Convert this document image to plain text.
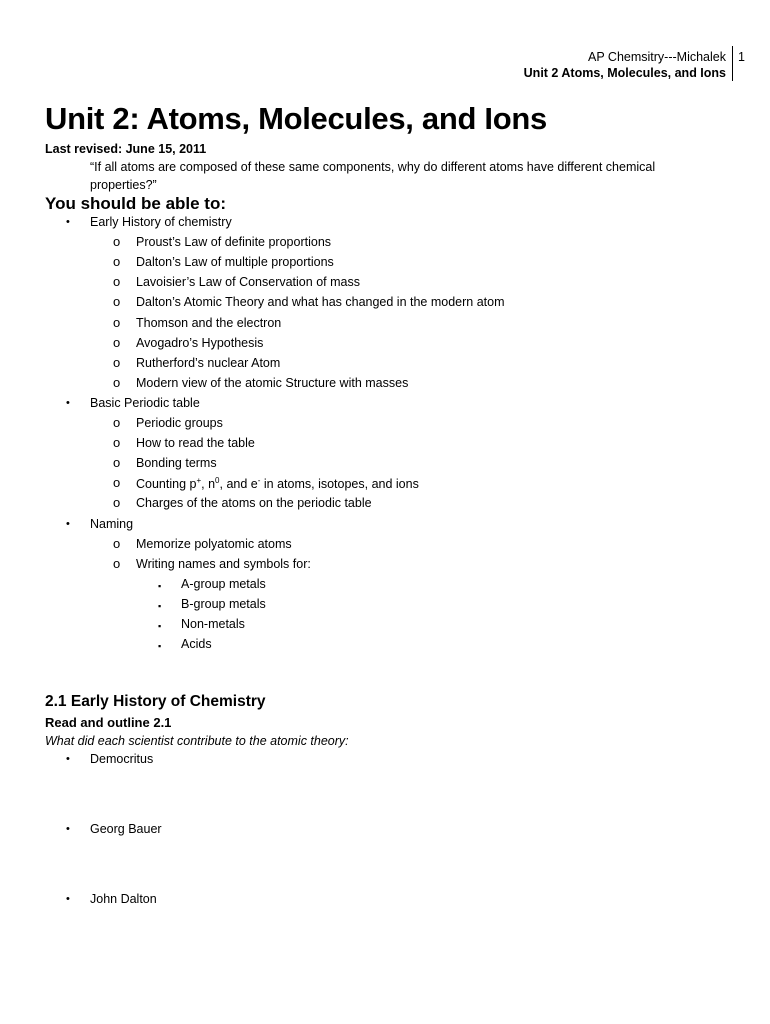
AP Chemsitry---Michalek
Unit 2 Atoms, Molecules, and Ions
1
Unit 2: Atoms, Molecules, and Ions
Last revised: June 15, 2011
“If all atoms are composed of these same components, why do different atoms have different chemical
properties?”
You should be able to:
• Early History of chemistry
o Proust’s Law of definite proportions
o Dalton’s Law of multiple proportions
o Lavoisier’s Law of Conservation of mass
o Dalton’s Atomic Theory and what has changed in the modern atom
o Thomson and the electron
o Avogadro’s Hypothesis
o Rutherford’s nuclear Atom
o Modern view of the atomic Structure with masses
• Basic Periodic table
o Periodic groups
o How to read the table
o Bonding terms
o Counting p+, $n^0$, and e- in atoms, isotopes, and ions
o Charges of the atoms on the periodic table
• Naming
o Memorize polyatomic atoms
o Writing names and symbols for:
▪ A-group metals
▪ B-group metals
▪ Non-metals
▪ Acids
2.1 Early History of Chemistry
Read and outline 2.1
What did each scientist contribute to the atomic theory:
• Democritus
• Georg Bauer
• John Dalton
